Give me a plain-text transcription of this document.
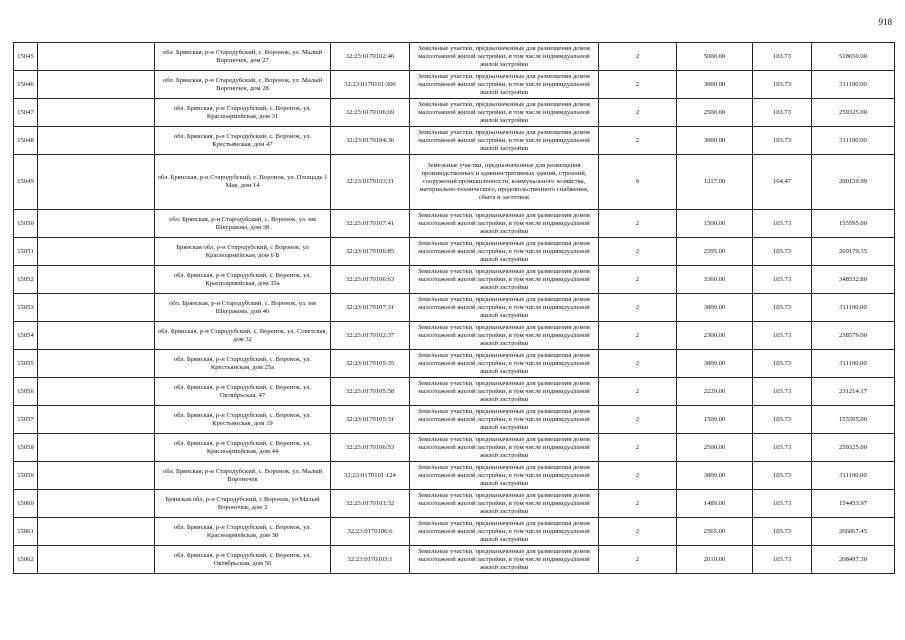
918
15045		обл. Брянская, р-н Стародубский, с. Воронок, ул. Малый Вороночек, дом 27	32:23:0170102:46	Земельные участки, предназначенные для размещения домов малоэтажной жилой застройки, в том числе индивидуальной жилой застройки	2	5000.00	103.73	518650.00
15046		обл. Брянская, р-н Стародубский, с. Воронок, ул. Малый Вороночек, дом 28	32:23:0170101:306	Земельные участки, предназначенные для размещения домов малоэтажной жилой застройки, в том числе индивидуальной жилой застройки	2	3000.00	103.73	311190.00
15047		обл. Брянская, р-н Стародубский, с. Воронок, ул. Красноармейская, дом 31	32:23:0170106:69	Земельные участки, предназначенные для размещения домов малоэтажной жилой застройки, в том числе индивидуальной жилой застройки	2	2500.00	103.73	259325.00
15048		обл. Брянская, р-н Стародубский, с. Воронок, ул. Крестьянская, дом 47	32:23:0170104:36	Земельные участки, предназначенные для размещения домов малоэтажной жилой застройки, в том числе индивидуальной жилой застройки	2	3000.00	103.73	311190.00
15049		обл. Брянская, р-н Стародубский, с. Воронок, ул. Площадь 1 Мая, дом 14	32:23:0170103:11	Земельные участки, предназначенные для размещения производственных и административных зданий, строений, сооружений промышленности, коммунального хозяйства, материально-технического, продовольственного снабжения, сбыта и заготовок	9	1217.00	164.47	200159.99
15050		обл. Брянская, р-н Стародубский, с. Воронок, ул. им Шкуракова, дом 38	32:23:0170107:41	Земельные участки, предназначенные для размещения домов малоэтажной жилой застройки, в том числе индивидуальной жилой застройки	2	1500.00	103.73	155595.00
15051		Брянская обл, р-н Стародубский, с Воронок, ул Красноармейская, дом 6 Б	32:23:0170106:85	Земельные участки, предназначенные для размещения домов малоэтажной жилой застройки, в том числе индивидуальной жилой застройки	2	2595.00	103.73	269179.35
15052		обл. Брянская, р-н Стародубский, с. Воронок, ул. Красноармейская, дом 35а	32:23:0170106:63	Земельные участки, предназначенные для размещения домов малоэтажной жилой застройки, в том числе индивидуальной жилой застройки	2	3360.00	103.73	348532.80
15053		обл. Брянская, р-н Стародубский, с. Воронок, ул. им Шкуракова, дом 46	32:23:0170107:31	Земельные участки, предназначенные для размещения домов малоэтажной жилой застройки, в том числе индивидуальной жилой застройки	2	3000.00	103.73	311190.00
15054		обл. Брянская, р-н Стародубский, с. Воронок, ул. Советская, дом 32	32:23:0170102:37	Земельные участки, предназначенные для размещения домов малоэтажной жилой застройки, в том числе индивидуальной жилой застройки	2	2300.00	103.73	238579.00
15055		обл. Брянская, р-н Стародубский, с. Воронок, ул. Крестьянская, дом 25а	32:23:0170105:35	Земельные участки, предназначенные для размещения домов малоэтажной жилой застройки, в том числе индивидуальной жилой застройки	2	3000.00	103.73	311190.00
15056		обл. Брянская, р-н Стародубский, с. Воронок, ул. Октябрьская, 47	32:23:0170105:58	Земельные участки, предназначенные для размещения домов малоэтажной жилой застройки, в том числе индивидуальной жилой застройки	2	2229.00	103.73	231214.17
15057		обл. Брянская, р-н Стародубский, с. Воронок, ул. Крестьянская, дом 19	32:23:0170105:31	Земельные участки, предназначенные для размещения домов малоэтажной жилой застройки, в том числе индивидуальной жилой застройки	2	1500.00	103.73	155595.00
15058		обл. Брянская, р-н Стародубский, с. Воронок, ул. Красноармейская, дом 44	32:23:0170106:53	Земельные участки, предназначенные для размещения домов малоэтажной жилой застройки, в том числе индивидуальной жилой застройки	2	2500.00	103.73	259325.00
15059		обл. Брянская, р-н Стародубский, с. Воронок, ул. Малый Вороночек	32:23:0170101:124	Земельные участки, предназначенные для размещения домов малоэтажной жилой застройки, в том числе индивидуальной жилой застройки	2	3000.00	103.73	311190.00
15060		Брянская обл, р-н Стародубский, с Воронок, ул Малый Вороночек, дом 3	32:23:0170101:32	Земельные участки, предназначенные для размещения домов малоэтажной жилой застройки, в том числе индивидуальной жилой застройки	2	1489.00	103.73	154453.97
15061		обл. Брянская, р-н Стародубский, с. Воронок, ул. Красноармейская, дом 38	32:23:0170106:6	Земельные участки, предназначенные для размещения домов малоэтажной жилой застройки, в том числе индивидуальной жилой застройки	2	2565.00	103.73	266067.45
15062		обл. Брянская, р-н Стародубский, с. Воронок, ул. Октябрьская, дом 56	32:23:0170103:1	Земельные участки, предназначенные для размещения домов малоэтажной жилой застройки, в том числе индивидуальной жилой застройки	2	2010.00	103.73	208497.30
